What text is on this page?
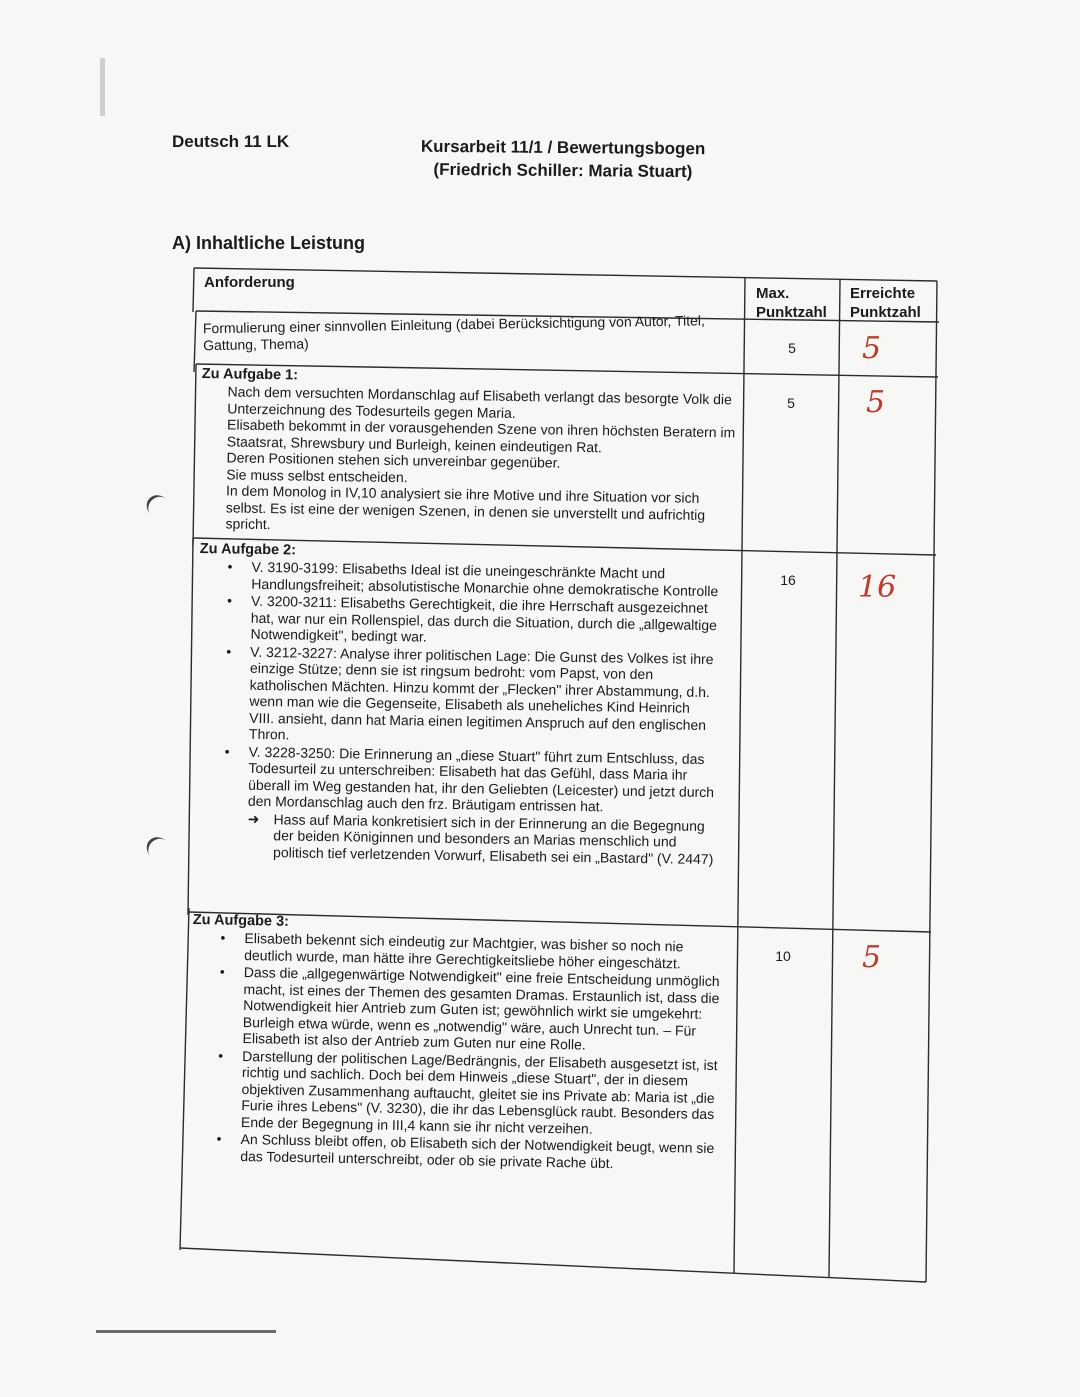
Deutsch 11 LK	Kursarbeit 11/1 / Bewertungsbogen
(Friedrich Schiller: Maria Stuart)
A) Inhaltliche Leistung
Anforderung
Max.
Punktzahl
Erreichte
Punktzahl
Formulierung einer sinnvollen Einleitung (dabei Berücksichtigung von Autor, Titel, Gattung, Thema)	5	5
Zu Aufgabe 1:

Nach dem versuchten Mordanschlag auf Elisabeth verlangt das besorgte Volk die Unterzeichnung des Todesurteils gegen Maria.

Elisabeth bekommt in der vorausgehenden Szene von ihren höchsten Beratern im Staatsrat, Shrewsbury und Burleigh, keinen eindeutigen Rat.

Deren Positionen stehen sich unvereinbar gegenüber.

Sie muss selbst entscheiden.

In dem Monolog in IV,10 analysiert sie ihre Motive und ihre Situation vor sich selbst. Es ist eine der wenigen Szenen, in denen sie unverstellt und aufrichtig spricht.

5	5
Zu Aufgabe 2:
• V. 3190-3199: Elisabeths Ideal ist die uneingeschränkte Macht und Handlungsfreiheit; absolutistische Monarchie ohne demokratische Kontrolle
• V. 3200-3211: Elisabeths Gerechtigkeit, die ihre Herrschaft ausgezeichnet hat, war nur ein Rollenspiel, das durch die Situation, durch die „allgewaltige Notwendigkeit", bedingt war.
• V. 3212-3227: Analyse ihrer politischen Lage: Die Gunst des Volkes ist ihre einzige Stütze; denn sie ist ringsum bedroht: vom Papst, von den katholischen Mächten. Hinzu kommt der „Flecken" ihrer Abstammung, d.h. wenn man wie die Gegenseite, Elisabeth als uneheliches Kind Heinrich VIII. ansieht, dann hat Maria einen legitimen Anspruch auf den englischen Thron.
• V. 3228-3250: Die Erinnerung an „diese Stuart" führt zum Entschluss, das Todesurteil zu unterschreiben: Elisabeth hat das Gefühl, dass Maria ihr überall im Weg gestanden hat, ihr den Geliebten (Leicester) und jetzt durch den Mordanschlag auch den frz. Bräutigam entrissen hat.
➜ Hass auf Maria konkretisiert sich in der Erinnerung an die Begegnung der beiden Königinnen und besonders an Marias menschlich und politisch tief verletzenden Vorwurf, Elisabeth sei ein „Bastard" (V. 2447)
16 16
Zu Aufgabe 3:
• Elisabeth bekennt sich eindeutig zur Machtgier, was bisher so noch nie deutlich wurde, man hätte ihre Gerechtigkeitsliebe höher eingeschätzt.
• Dass die „allgegenwärtige Notwendigkeit" eine freie Entscheidung unmöglich macht, ist eines der Themen des gesamten Dramas. Erstaunlich ist, dass die Notwendigkeit hier Antrieb zum Guten ist; gewöhnlich wirkt sie umgekehrt: Burleigh etwa würde, wenn es „notwendig" wäre, auch Unrecht tun. – Für Elisabeth ist also der Antrieb zum Guten nur eine Rolle.
• Darstellung der politischen Lage/Bedrängnis, der Elisabeth ausgesetzt ist, ist richtig und sachlich. Doch bei dem Hinweis „diese Stuart", der in diesem objektiven Zusammenhang auftaucht, gleitet sie ins Private ab: Maria ist „die Furie ihres Lebens" (V. 3230), die ihr das Lebensglück raubt. Besonders das Ende der Begegnung in III,4 kann sie ihr nicht verzeihen.
• An Schluss bleibt offen, ob Elisabeth sich der Notwendigkeit beugt, wenn sie das Todesurteil unterschreibt, oder ob sie private Rache übt.
10 5
